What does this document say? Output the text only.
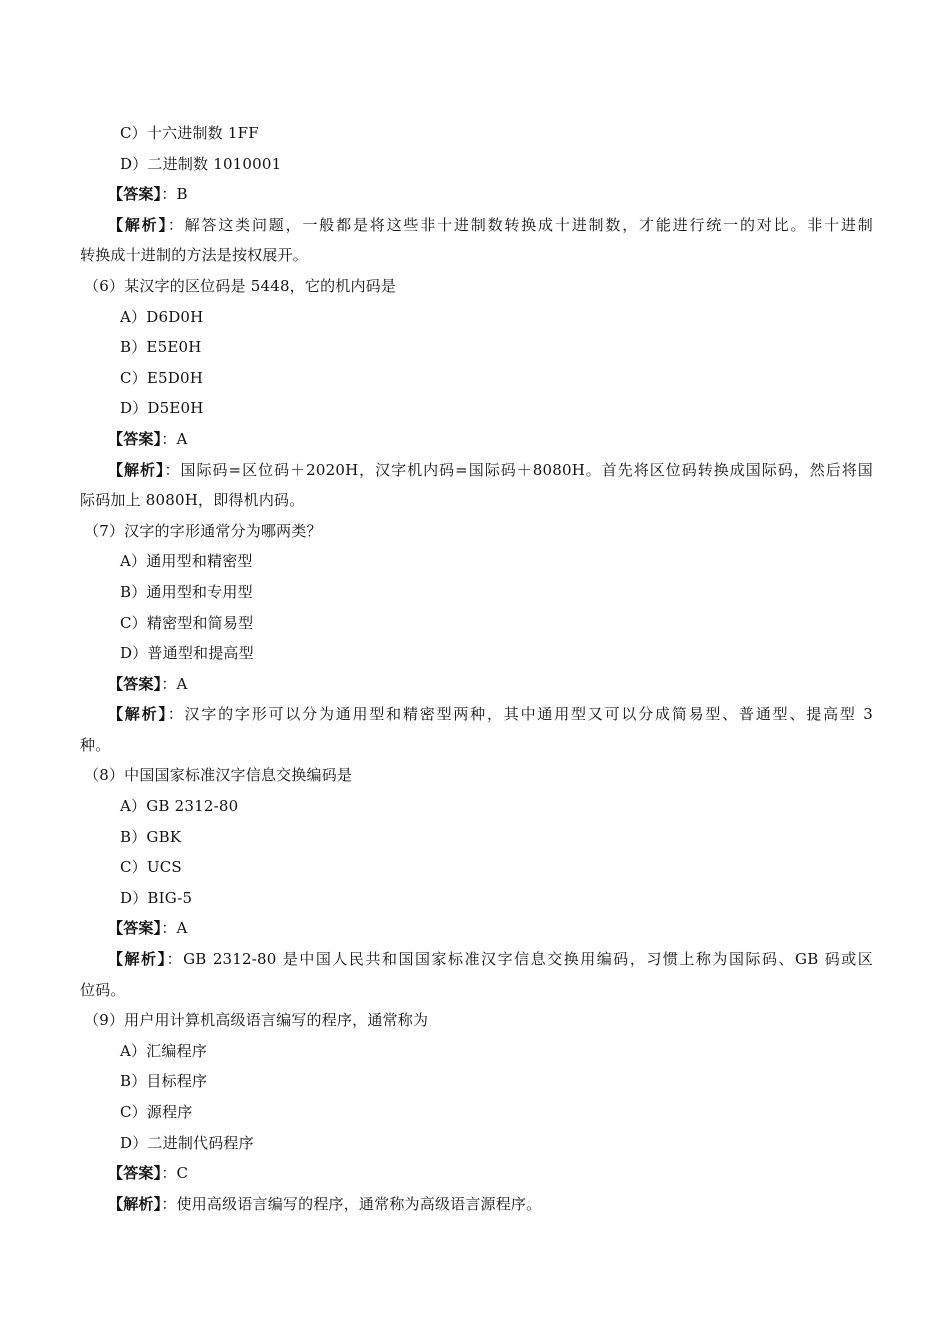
C）十六进制数 1FF
D）二进制数 1010001
【答案】：B
【解析】：解答这类问题，一般都是将这些非十进制数转换成十进制数，才能进行统一的对比。非十进制
转换成十进制的方法是按权展开。
（6）某汉字的区位码是 5448，它的机内码是
A）D6D0H
B）E5E0H
C）E5D0H
D）D5E0H
【答案】：A
【解析】：国际码=区位码＋2020H，汉字机内码=国际码＋8080H。首先将区位码转换成国际码，然后将国
际码加上 8080H，即得机内码。
（7）汉字的字形通常分为哪两类？
A）通用型和精密型
B）通用型和专用型
C）精密型和简易型
D）普通型和提高型
【答案】：A
【解析】：汉字的字形可以分为通用型和精密型两种，其中通用型又可以分成简易型、普通型、提高型 3
种。
（8）中国国家标准汉字信息交换编码是
A）GB 2312-80
B）GBK
C）UCS
D）BIG-5
【答案】：A
【解析】：GB 2312-80 是中国人民共和国国家标准汉字信息交换用编码，习惯上称为国际码、GB 码或区
位码。
（9）用户用计算机高级语言编写的程序，通常称为
A）汇编程序
B）目标程序
C）源程序
D）二进制代码程序
【答案】：C
【解析】：使用高级语言编写的程序，通常称为高级语言源程序。
